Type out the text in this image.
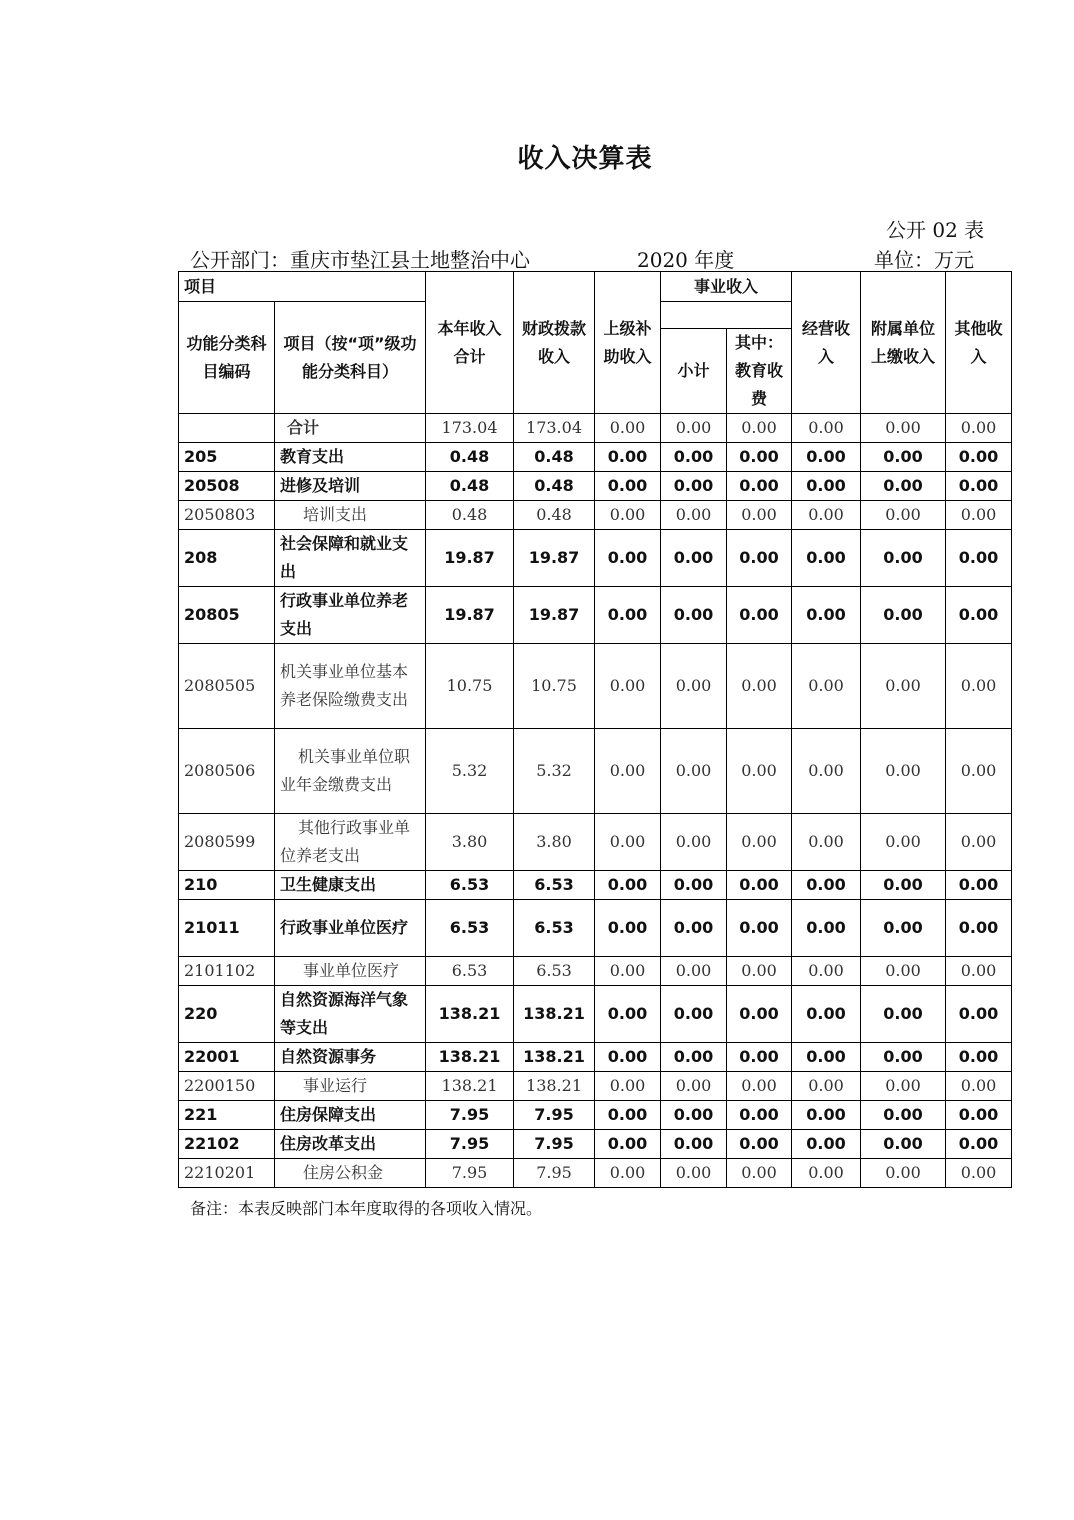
收入决算表
公开 02 表
公开部门：重庆市垫江县土地整治中心	2020 年度	单位：万元
项目		本年收入合计	财政拨款收入	上级补助收入	事业收入		经营收入	附属单位上缴收入	其他收入
功能分类科目编码	项目（按“项”级功能分类科目）								
					小计	其中：教育收费			
	合计	173.04	173.04	0.00	0.00	0.00	0.00	0.00	0.00
205	教育支出	0.48	0.48	0.00	0.00	0.00	0.00	0.00	0.00
20508	进修及培训	0.48	0.48	0.00	0.00	0.00	0.00	0.00	0.00
2050803	培训支出	0.48	0.48	0.00	0.00	0.00	0.00	0.00	0.00
208	社会保障和就业支出	19.87	19.87	0.00	0.00	0.00	0.00	0.00	0.00
20805	行政事业单位养老支出	19.87	19.87	0.00	0.00	0.00	0.00	0.00	0.00
2080505	机关事业单位基本养老保险缴费支出	10.75	10.75	0.00	0.00	0.00	0.00	0.00	0.00
2080506	机关事业单位职业年金缴费支出	5.32	5.32	0.00	0.00	0.00	0.00	0.00	0.00
2080599	其他行政事业单位养老支出	3.80	3.80	0.00	0.00	0.00	0.00	0.00	0.00
210	卫生健康支出	6.53	6.53	0.00	0.00	0.00	0.00	0.00	0.00
21011	行政事业单位医疗	6.53	6.53	0.00	0.00	0.00	0.00	0.00	0.00
2101102	事业单位医疗	6.53	6.53	0.00	0.00	0.00	0.00	0.00	0.00
220	自然资源海洋气象等支出	138.21	138.21	0.00	0.00	0.00	0.00	0.00	0.00
22001	自然资源事务	138.21	138.21	0.00	0.00	0.00	0.00	0.00	0.00
2200150	事业运行	138.21	138.21	0.00	0.00	0.00	0.00	0.00	0.00
221	住房保障支出	7.95	7.95	0.00	0.00	0.00	0.00	0.00	0.00
22102	住房改革支出	7.95	7.95	0.00	0.00	0.00	0.00	0.00	0.00
2210201	住房公积金	7.95	7.95	0.00	0.00	0.00	0.00	0.00	0.00
备注：本表反映部门本年度取得的各项收入情况。
